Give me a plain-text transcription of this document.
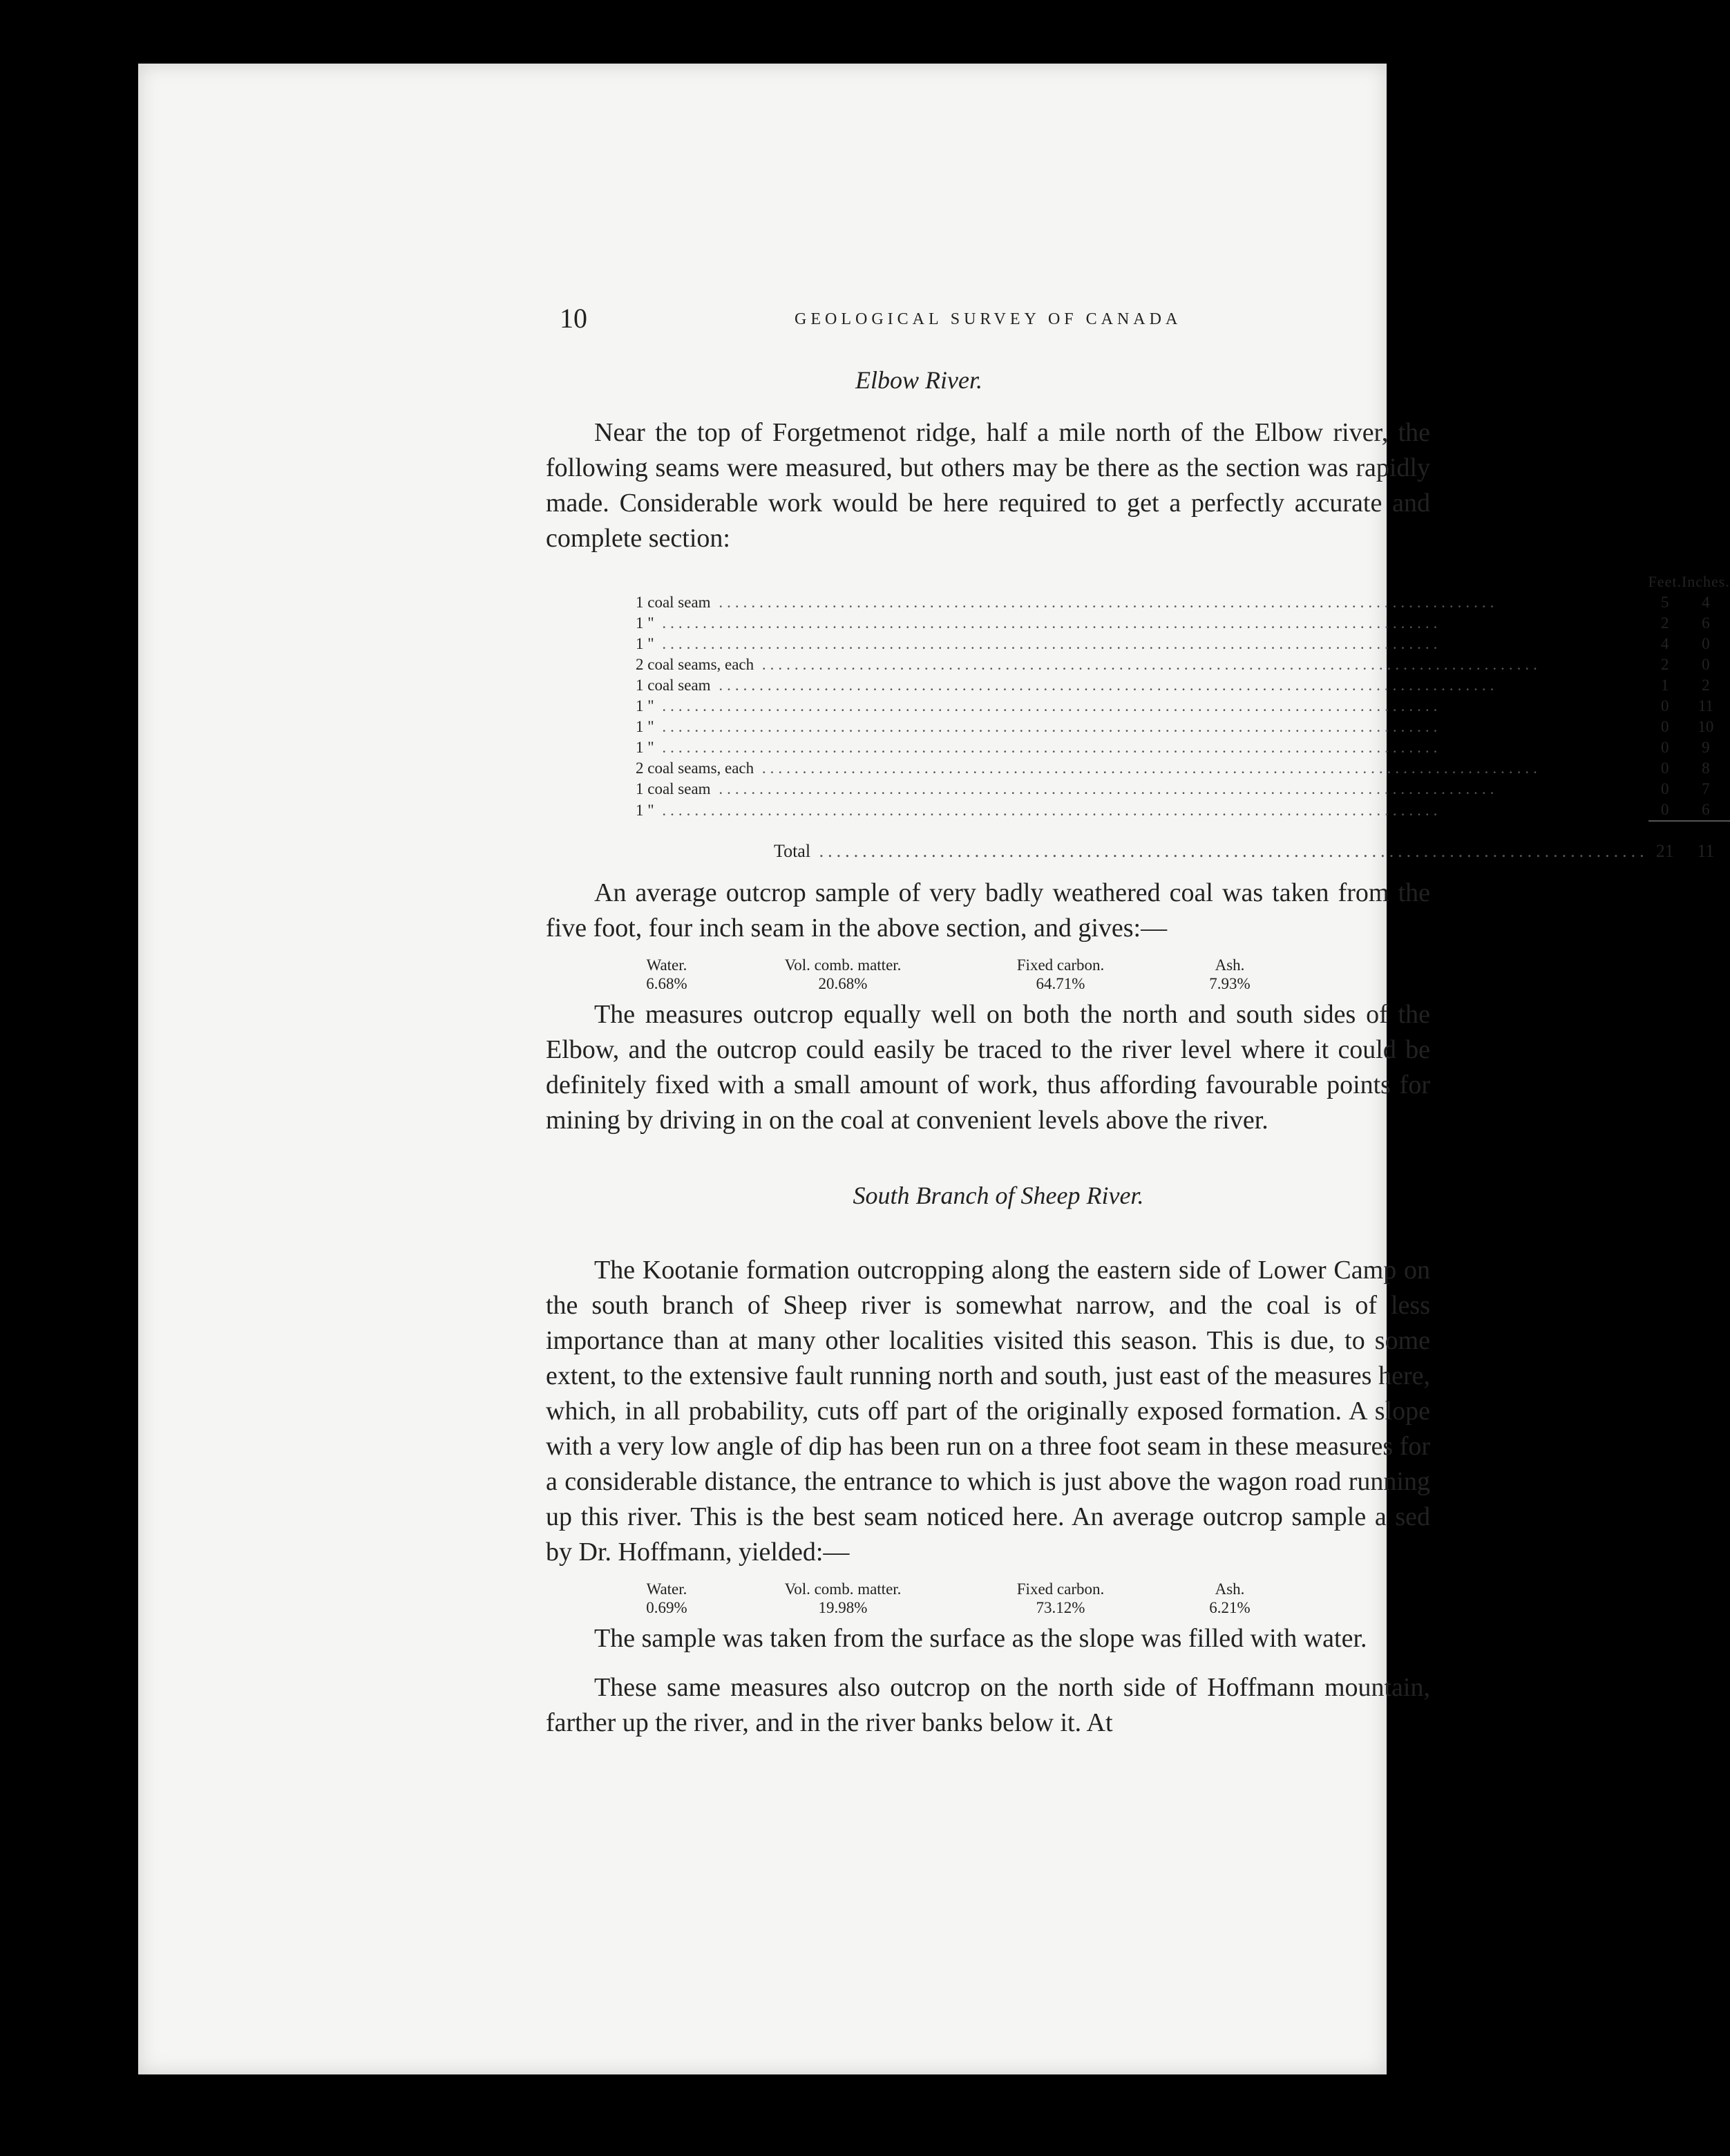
10	GEOLOGICAL SURVEY OF CANADA
Elbow River.

Near the top of Forgetmenot ridge, half a mile north of the Elbow river, the following seams were measured, but others may be there as the section was rapidly made. Considerable work would be here required to get a perfectly accurate and complete section:

	Feet.	Inches.
1 coal seam .....	5	4
1 " .....	2	6
1 " .....	4	0
2 coal seams, each .....	2	0
1 coal seam .....	1	2
1 " .....	0	11
1 " .....	0	10
1 " .....	0	9
2 coal seams, each .....	0	8
1 coal seam .....	0	7
1 " .....	0	6
Total .....	21	11

An average outcrop sample of very badly weathered coal was taken from the five foot, four inch seam in the above section, and gives:—

Water.
6.68%
Vol. comb. matter.
20.68%
Fixed carbon.
64.71%
Ash.
7.93%

The measures outcrop equally well on both the north and south sides of the Elbow, and the outcrop could easily be traced to the river level where it could be definitely fixed with a small amount of work, thus affording favourable points for mining by driving in on the coal at convenient levels above the river.

South Branch of Sheep River.

The Kootanie formation outcropping along the eastern side of Lower Camp on the south branch of Sheep river is somewhat narrow, and the coal is of less importance than at many other localities visited this season. This is due, to some extent, to the extensive fault running north and south, just east of the measures here, which, in all probability, cuts off part of the originally exposed formation. A slope with a very low angle of dip has been run on a three foot seam in these measures for a considerable distance, the entrance to which is just above the wagon road running up this river. This is the best seam noticed here. An average outcrop sample a sed by Dr. Hoffmann, yielded:—

Water.
0.69%
Vol. comb. matter.
19.98%
Fixed carbon.
73.12%
Ash.
6.21%

The sample was taken from the surface as the slope was filled with water.

These same measures also outcrop on the north side of Hoffmann mountain, farther up the river, and in the river banks below it. At
